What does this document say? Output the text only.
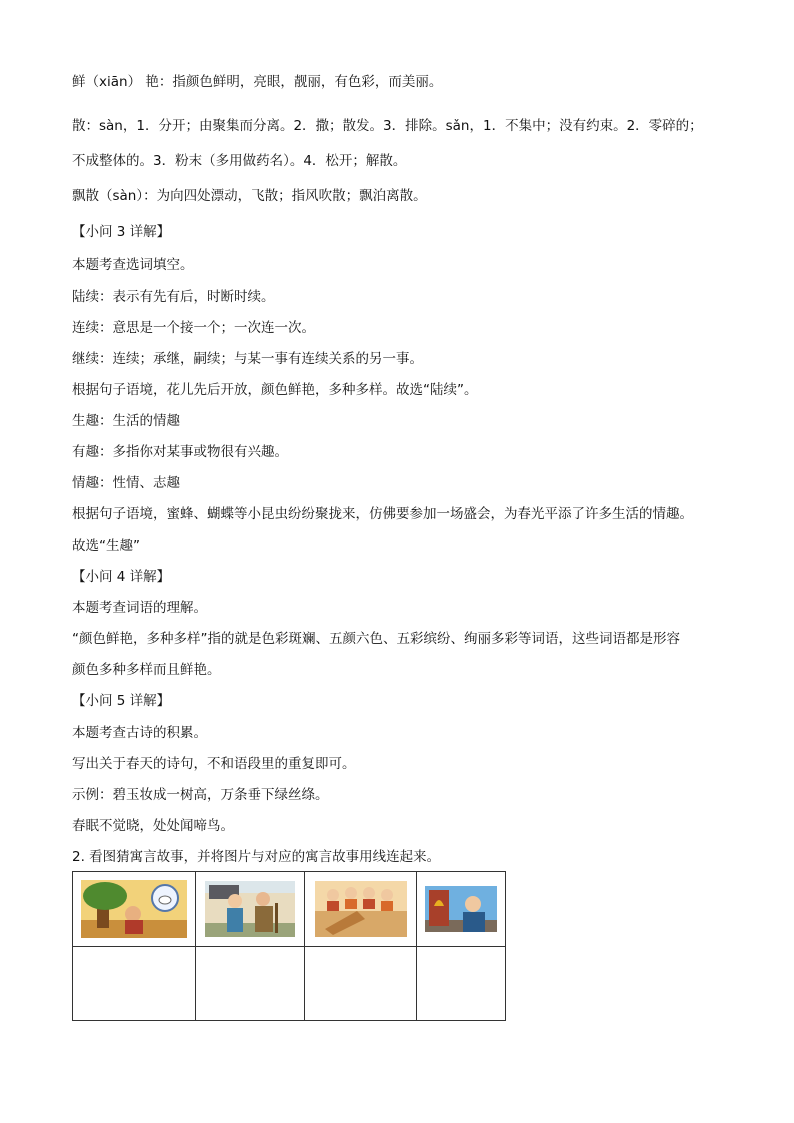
鲜（xiān） 艳：指颜色鲜明，亮眼，靓丽，有色彩，而美丽。
散：sàn，1．分开；由聚集而分离。2．撒；散发。3．排除。sǎn，1．不集中；没有约束。2．零碎的；
不成整体的。3．粉末（多用做药名）。4．松开；解散。
飘散（sàn）：为向四处漂动，飞散；指风吹散；飘泊离散。
【小问 3 详解】
本题考查选词填空。
陆续：表示有先有后，时断时续。
连续：意思是一个接一个；一次连一次。
继续：连续；承继，嗣续；与某一事有连续关系的另一事。
根据句子语境，花儿先后开放，颜色鲜艳，多种多样。故选“陆续”。
生趣：生活的情趣
有趣：多指你对某事或物很有兴趣。
情趣：性情、志趣
根据句子语境，蜜蜂、蝴蝶等小昆虫纷纷聚拢来，仿佛要参加一场盛会，为春光平添了许多生活的情趣。
故选“生趣”
【小问 4 详解】
本题考查词语的理解。
“颜色鲜艳，多种多样”指的就是色彩斑斓、五颜六色、五彩缤纷、绚丽多彩等词语，这些词语都是形容
颜色多种多样而且鲜艳。
【小问 5 详解】
本题考查古诗的积累。
写出关于春天的诗句，不和语段里的重复即可。
示例：碧玉妆成一树高，万条垂下绿丝绦。
春眠不觉晓，处处闻啼鸟。
2. 看图猜寓言故事，并将图片与对应的寓言故事用线连起来。
